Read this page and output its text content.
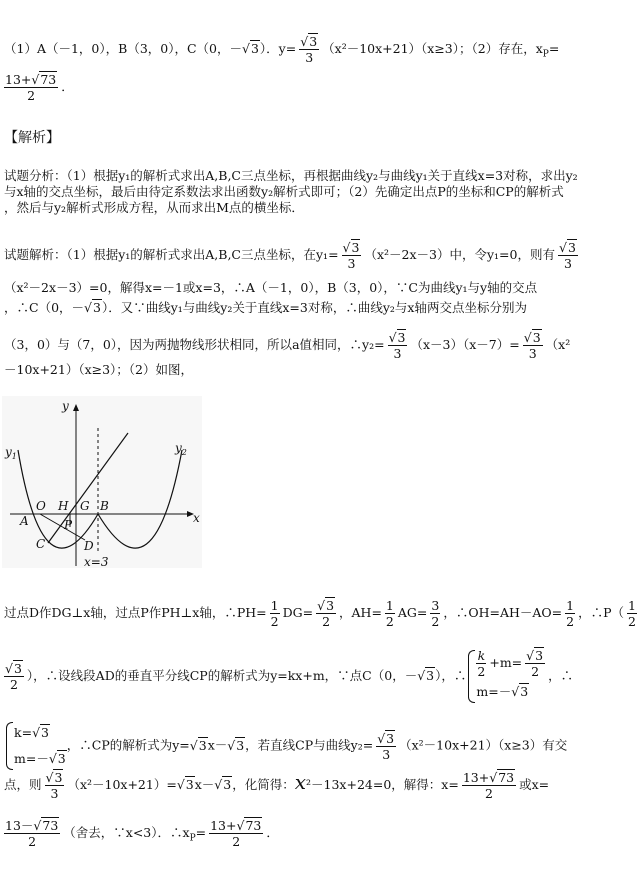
（1）A（－1，0），B（3，0），C（0，－√3）．$y= \frac{√3}{3} (x^2-10x+21)(x\ge 3)$；（2）存在，$x_P=$
$\frac{13+√73}{2}$ ．
【解析】
试题分析：（1）根据y₁的解析式求出A,B,C三点坐标，再根据曲线y₂与曲线y₁关于直线x=3对称，求出y₂
与x轴的交点坐标，最后由待定系数法求出函数y₂解析式即可；（2）先确定出点P的坐标和CP的解析式
，然后与y₂解析式形成方程，从而求出M点的横坐标．
试题解析：（1）根据y₁的解析式求出A,B,C三点坐标，在$y_1= \frac{√3}{3} (x^2-2x-3)$中，令y₁=0，则有 $\frac{√3}{3}$
（x²－2x－3）=0，解得x=－1或x=3，∴A（－1，0），B（3，0），∵C为曲线y₁与y轴的交点
，∴C（0，－√3）．又∵曲线y₁与曲线y₂关于直线x=3对称，∴曲线y₂与x轴两交点坐标分别为
（3，0）与（7，0），因为两抛物线形状相同，所以a值相同，∴y₂= $\frac{√3}{3} (x-3)(x-7)= \frac{√3}{3} (x^2$
－10x+21）（x≥3）；（2）如图，
y
x
$y_1$
$y_2$
O H G B
A	P
C	D
x=3
过点D作DG⊥x轴，过点P作PH⊥x轴，∴PH= $\frac{1}{2} DG= \frac{√3}{2}$ ，$AH= \frac{1}{2} AG= \frac{3}{2}$ ，∴OH=AH－AO= $\frac{1}{2}$ ，∴P（ $\frac{1}{2}$
$\frac{√3}{2}$ ），∴设线段AD的垂直平分线CP的解析式为y=kx+m，∵点C（0，－√3），∴ $\frac{k}{2} +m= \frac{√3}{2}$
m=－√3
，∴
k=√3
m=－√3
，∴CP的解析式为y=√3x－√3，若直线CP与曲线$y_2= \frac{√3}{3} (x^2-10x+21)(x\ge 3)$有交
点，则 $\frac{√3}{3} (x^2-10x+21)=√3x-√3$，化简得：x²－13x+24=0，解得：$x= \frac{13+√73}{2}$ 或x=
$\frac{13-√73}{2}$ （舍去，∵x<3）．$\therefore x_P= \frac{13+√73}{2}$ ．
